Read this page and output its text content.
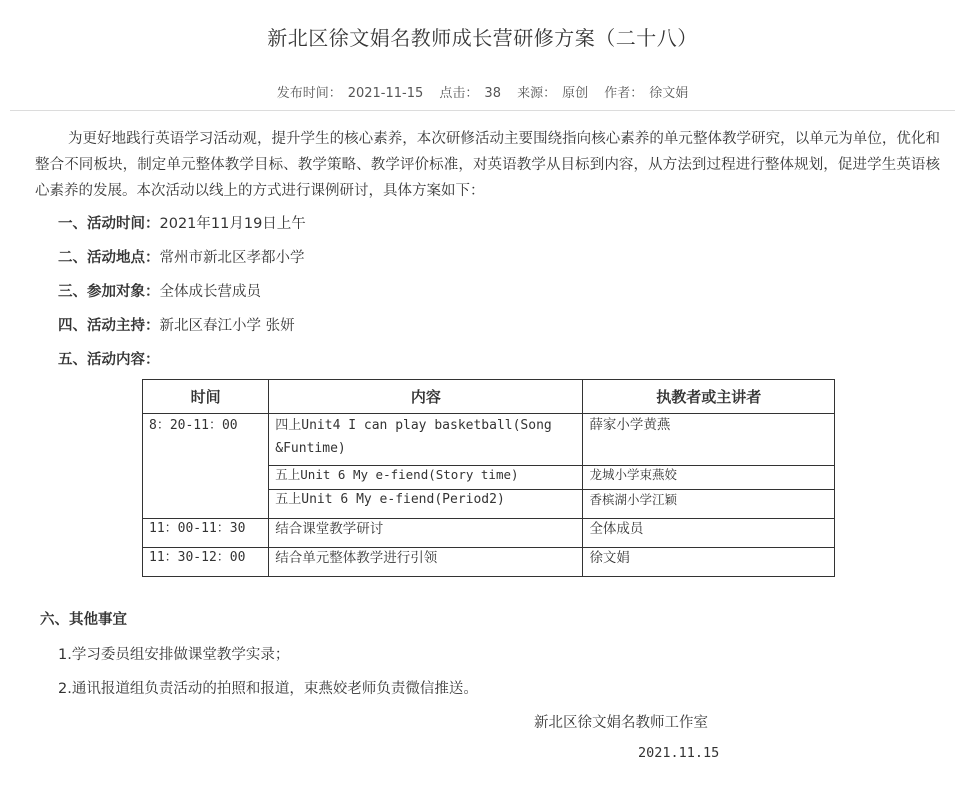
新北区徐文娟名教师成长营研修方案（二十八）
发布时间： 2021-11-15 点击： 38 来源： 原创 作者： 徐文娟
为更好地践行英语学习活动观，提升学生的核心素养，本次研修活动主要围绕指向核心素养的单元整体教学研究，以单元为单位，优化和整合不同板块，制定单元整体教学目标、教学策略、教学评价标准，对英语教学从目标到内容，从方法到过程进行整体规划，促进学生英语核心素养的发展。本次活动以线上的方式进行课例研讨，具体方案如下：
一、活动时间：2021年11月19日上午
二、活动地点：常州市新北区孝都小学
三、参加对象：全体成长营成员
四、活动主持：新北区春江小学 张妍
五、活动内容：
时间	内容	执教者或主讲者
8：20-11：00	四上Unit4 I can play basketball(Song &Funtime)	薛家小学黄燕
	五上Unit 6 My e-fiend(Story time)	龙城小学束燕姣
	五上Unit 6 My e-fiend(Period2)	香槟湖小学江颖
11：00-11：30	结合课堂教学研讨	全体成员
11：30-12：00	结合单元整体教学进行引领	徐文娟
六、其他事宜
1.学习委员组安排做课堂教学实录；
2.通讯报道组负责活动的拍照和报道，束燕姣老师负责微信推送。
新北区徐文娟名教师工作室
2021.11.15
